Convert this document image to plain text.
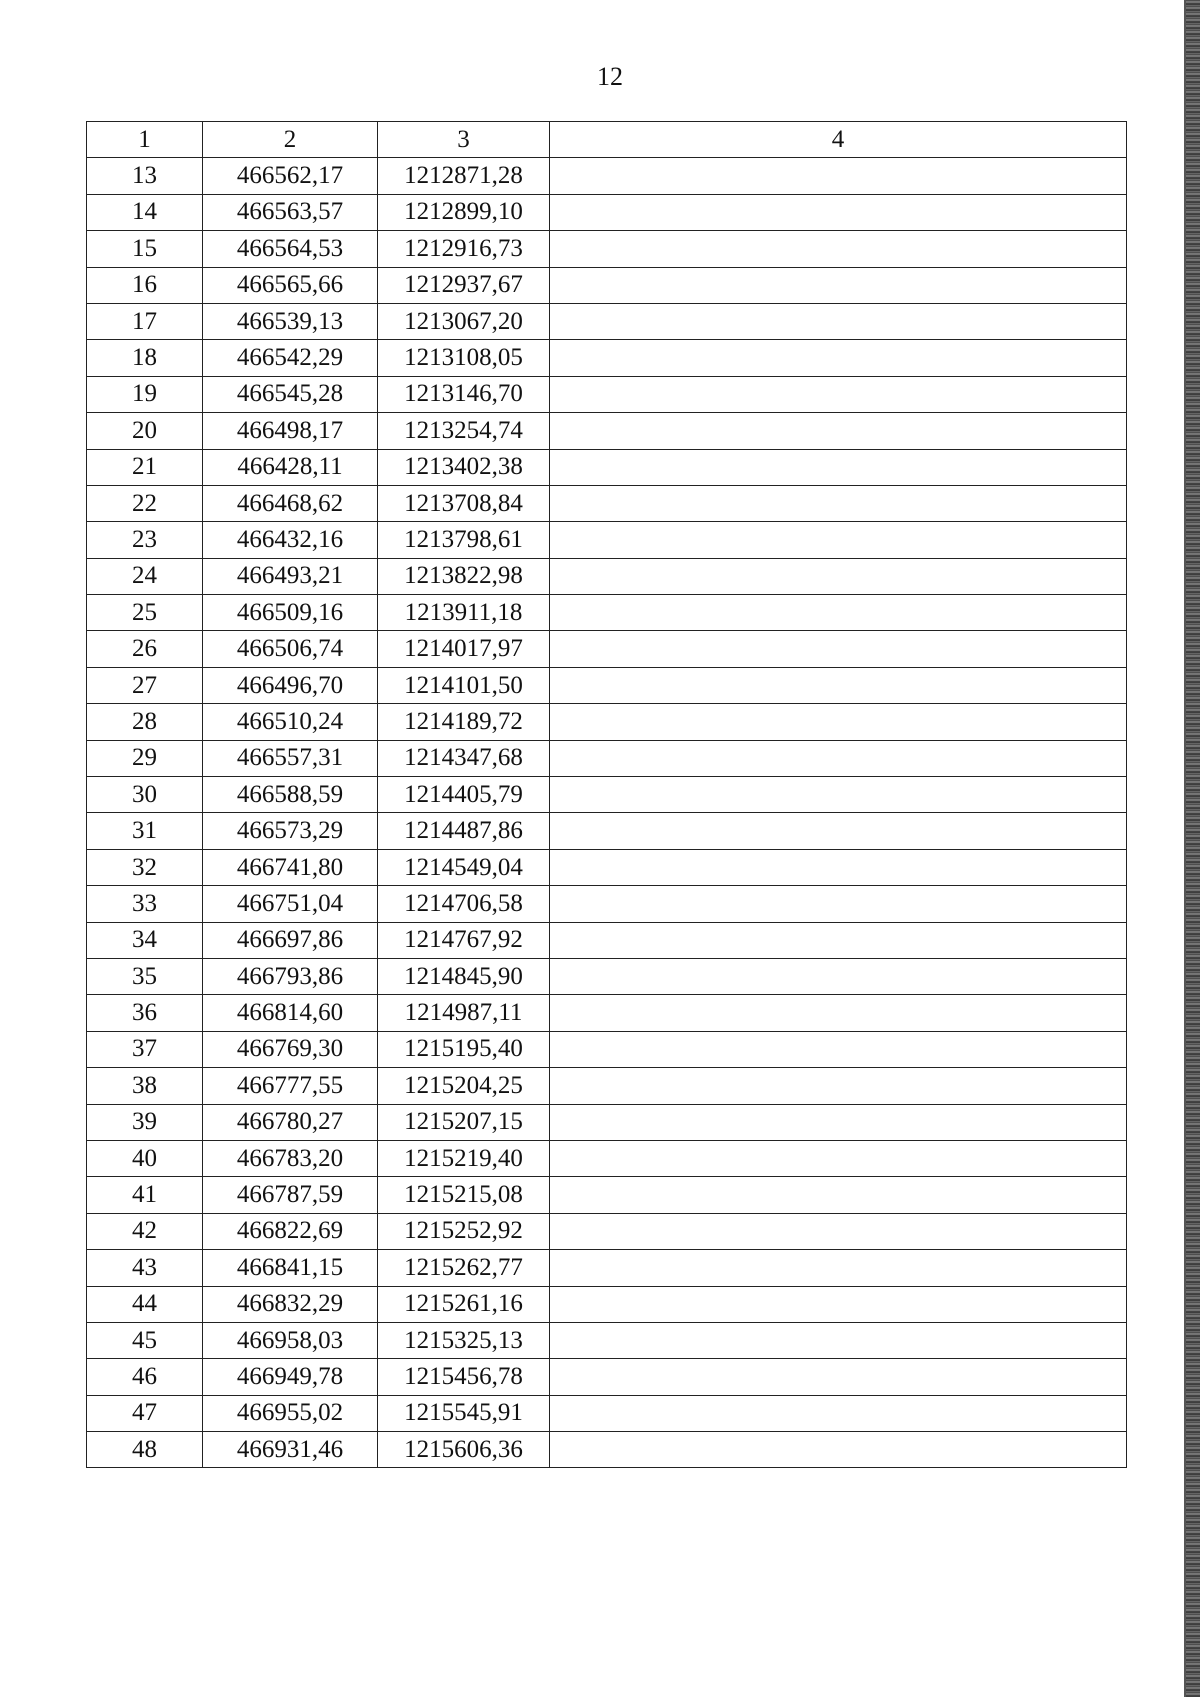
12
1	2	3	4
13	466562,17	1212871,28	
14	466563,57	1212899,10	
15	466564,53	1212916,73	
16	466565,66	1212937,67	
17	466539,13	1213067,20	
18	466542,29	1213108,05	
19	466545,28	1213146,70	
20	466498,17	1213254,74	
21	466428,11	1213402,38	
22	466468,62	1213708,84	
23	466432,16	1213798,61	
24	466493,21	1213822,98	
25	466509,16	1213911,18	
26	466506,74	1214017,97	
27	466496,70	1214101,50	
28	466510,24	1214189,72	
29	466557,31	1214347,68	
30	466588,59	1214405,79	
31	466573,29	1214487,86	
32	466741,80	1214549,04	
33	466751,04	1214706,58	
34	466697,86	1214767,92	
35	466793,86	1214845,90	
36	466814,60	1214987,11	
37	466769,30	1215195,40	
38	466777,55	1215204,25	
39	466780,27	1215207,15	
40	466783,20	1215219,40	
41	466787,59	1215215,08	
42	466822,69	1215252,92	
43	466841,15	1215262,77	
44	466832,29	1215261,16	
45	466958,03	1215325,13	
46	466949,78	1215456,78	
47	466955,02	1215545,91	
48	466931,46	1215606,36	
